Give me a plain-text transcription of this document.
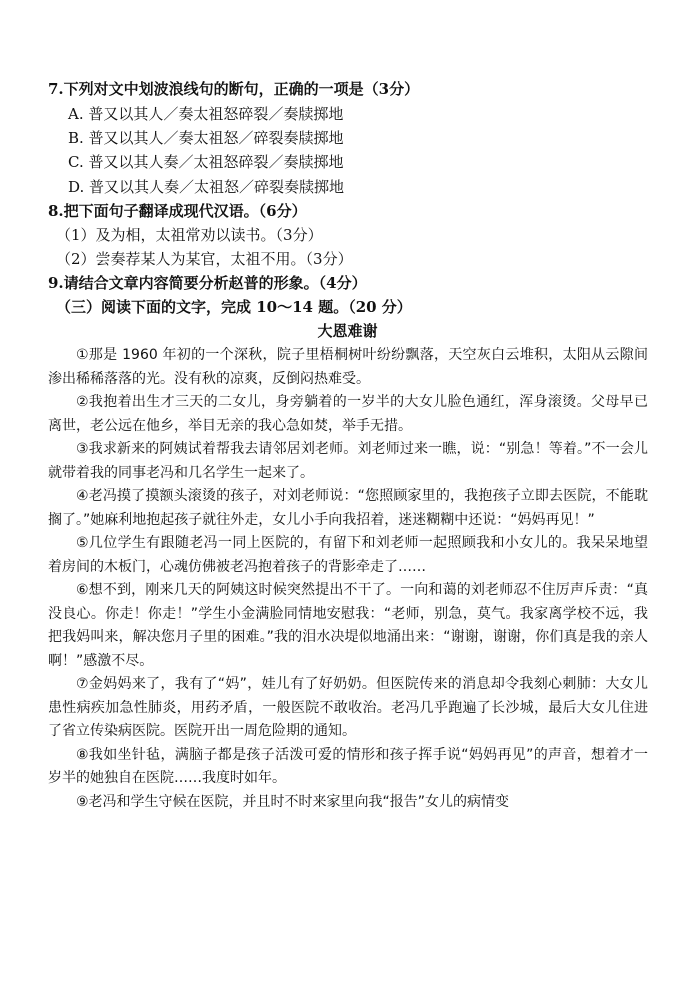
7.下列对文中划波浪线句的断句，正确的一项是（3分）
A. 普又以其人／奏太祖怒碎裂／奏牍掷地
B. 普又以其人／奏太祖怒／碎裂奏牍掷地
C. 普又以其人奏／太祖怒碎裂／奏牍掷地
D. 普又以其人奏／太祖怒／碎裂奏牍掷地
8.把下面句子翻译成现代汉语。（6分）
（1）及为相，太祖常劝以读书。（3分）
（2）尝奏荐某人为某官，太祖不用。（3分）
9.请结合文章内容简要分析赵普的形象。（4分）
（三）阅读下面的文字，完成 10～14 题。（20 分）
大恩难谢

①那是 1960 年初的一个深秋，院子里梧桐树叶纷纷飘落，天空灰白云堆积，太阳从云隙间渗出稀稀落落的光。没有秋的凉爽，反倒闷热难受。

②我抱着出生才三天的二女儿，身旁躺着的一岁半的大女儿脸色通红，浑身滚烫。父母早已离世，老公远在他乡，举目无亲的我心急如焚，举手无措。

③我求新来的阿姨试着帮我去请邻居刘老师。刘老师过来一瞧，说：“别急！等着。”不一会儿就带着我的同事老冯和几名学生一起来了。

④老冯摸了摸额头滚烫的孩子，对刘老师说：“您照顾家里的，我抱孩子立即去医院，不能耽搁了。”她麻利地抱起孩子就往外走，女儿小手向我招着，迷迷糊糊中还说：“妈妈再见！”

⑤几位学生有跟随老冯一同上医院的，有留下和刘老师一起照顾我和小女儿的。我呆呆地望着房间的木板门，心魂仿佛被老冯抱着孩子的背影牵走了……

⑥想不到，刚来几天的阿姨这时候突然提出不干了。一向和蔼的刘老师忍不住厉声斥责：“真没良心。你走！你走！”学生小金满脸同情地安慰我：“老师，别急，莫气。我家离学校不远，我把我妈叫来，解决您月子里的困难。”我的泪水决堤似地涌出来：“谢谢，谢谢，你们真是我的亲人啊！”感激不尽。

⑦金妈妈来了，我有了“妈”，娃儿有了好奶奶。但医院传来的消息却令我刻心刺肺：大女儿患性病疾加急性肺炎，用药矛盾，一般医院不敢收治。老冯几乎跑遍了长沙城，最后大女儿住进了省立传染病医院。医院开出一周危险期的通知。

⑧我如坐针毡，满脑子都是孩子活泼可爱的情形和孩子挥手说“妈妈再见”的声音，想着才一岁半的她独自在医院……我度时如年。

⑨老冯和学生守候在医院，并且时不时来家里向我“报告”女儿的病情变
